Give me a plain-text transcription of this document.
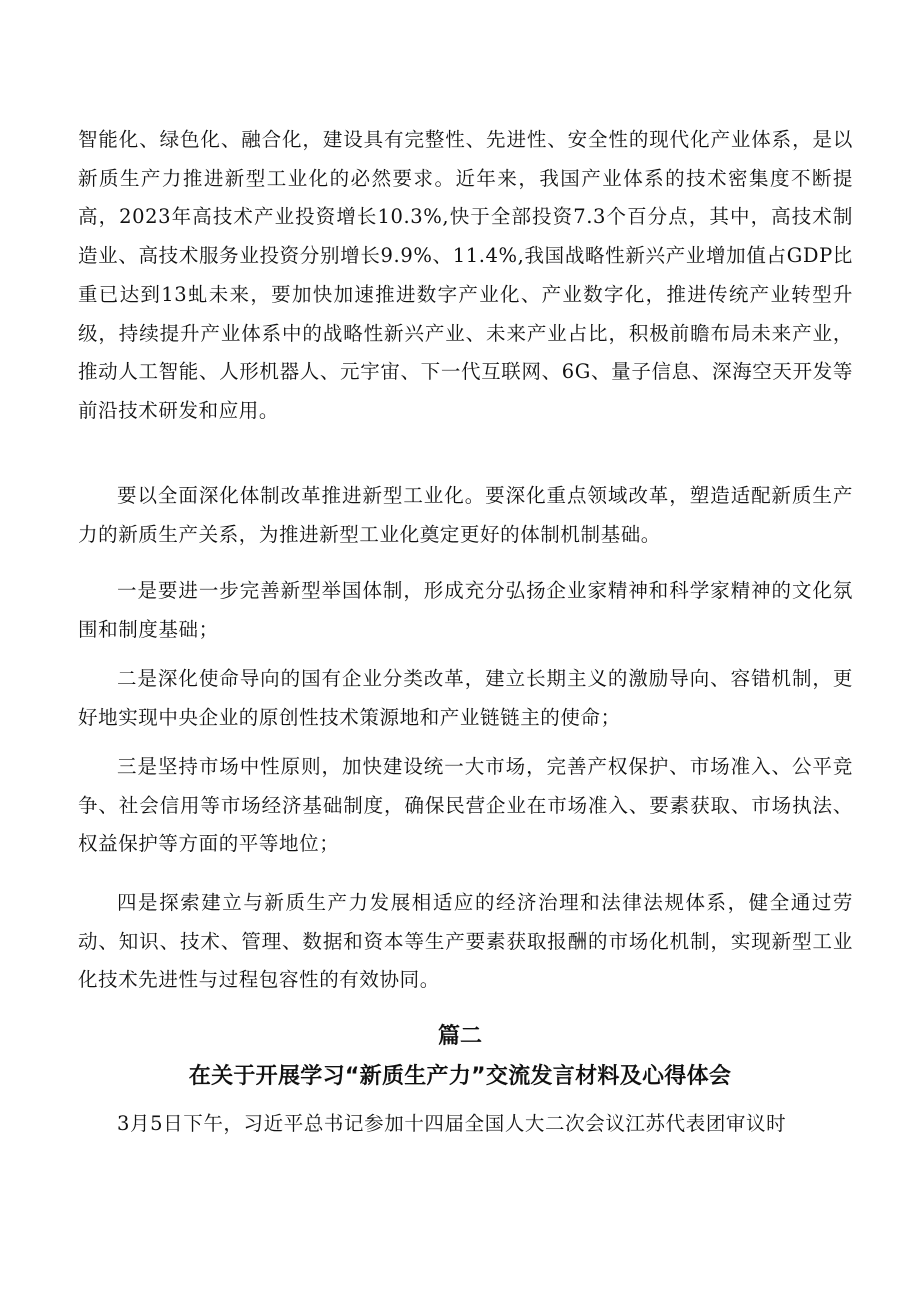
智能化、绿色化、融合化，建设具有完整性、先进性、安全性的现代化产业体系，是以新质生产力推进新型工业化的必然要求。近年来，我国产业体系的技术密集度不断提高，2023年高技术产业投资增长10.3%,快于全部投资7.3个百分点，其中，高技术制造业、高技术服务业投资分别增长9.9%、11.4%,我国战略性新兴产业增加值占GDP比重已达到13虬未来，要加快加速推进数字产业化、产业数字化，推进传统产业转型升级，持续提升产业体系中的战略性新兴产业、未来产业占比，积极前瞻布局未来产业，推动人工智能、人形机器人、元宇宙、下一代互联网、6G、量子信息、深海空天开发等前沿技术研发和应用。

要以全面深化体制改革推进新型工业化。要深化重点领域改革，塑造适配新质生产力的新质生产关系，为推进新型工业化奠定更好的体制机制基础。

一是要进一步完善新型举国体制，形成充分弘扬企业家精神和科学家精神的文化氛围和制度基础；

二是深化使命导向的国有企业分类改革，建立长期主义的激励导向、容错机制，更好地实现中央企业的原创性技术策源地和产业链链主的使命；

三是坚持市场中性原则，加快建设统一大市场，完善产权保护、市场准入、公平竞争、社会信用等市场经济基础制度，确保民营企业在市场准入、要素获取、市场执法、权益保护等方面的平等地位；

四是探索建立与新质生产力发展相适应的经济治理和法律法规体系，健全通过劳动、知识、技术、管理、数据和资本等生产要素获取报酬的市场化机制，实现新型工业化技术先进性与过程包容性的有效协同。

篇二
在关于开展学习“新质生产力”交流发言材料及心得体会

3月5日下午，习近平总书记参加十四届全国人大二次会议江苏代表团审议时
